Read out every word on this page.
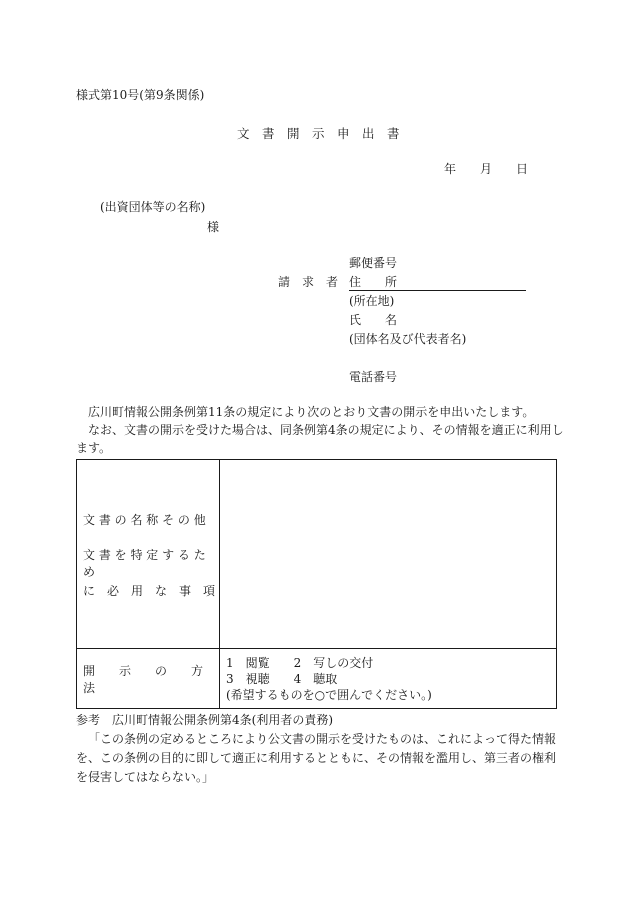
様式第10号(第9条関係)
文　書　開　示　申　出　書
年 月 日
(出資団体等の名称)
様
郵便番号
請　求　者 住　　所
(所在地)
氏　　名
(団体名及び代表者名)
電話番号
広川町情報公開条例第11条の規定により次のとおり文書の開示を申出いたします。
なお、文書の開示を受けた場合は、同条例第4条の規定により、その情報を適正に利用し
ます。
文 書 の 名 称 そ の 他
文 書 を 特 定 す る た め
に　必　用　な　事　項	

開　　示　　の　　方　　法	1　閲覧　　2　写しの交付
3　視聴　　4　聴取
(希望するものを○で囲んでください。)
参考　広川町情報公開条例第4条(利用者の責務)
「この条例の定めるところにより公文書の開示を受けたものは、これによって得た情報
を、この条例の目的に即して適正に利用するとともに、その情報を濫用し、第三者の権利
を侵害してはならない。」
